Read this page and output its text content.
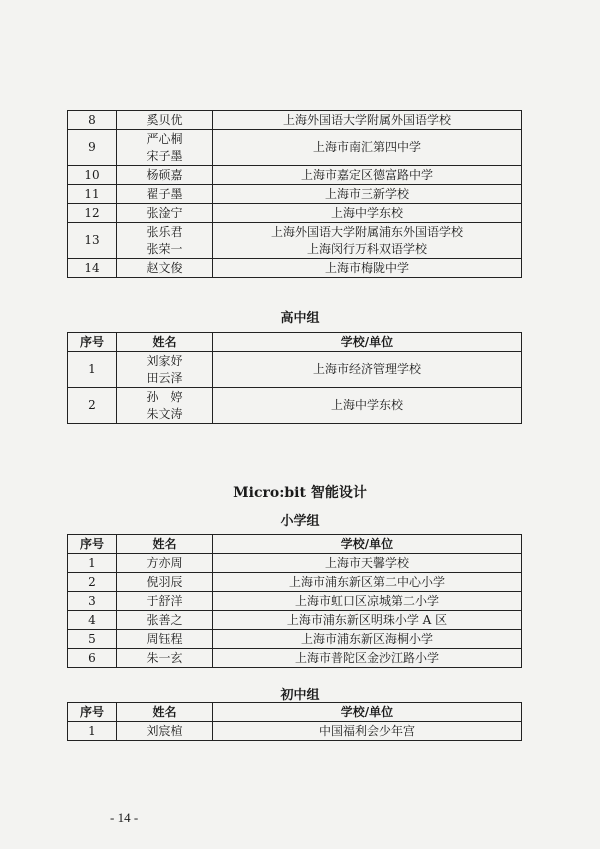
8	奚贝优	上海外国语大学附属外国语学校

9	严心桐
宋子墨	上海市南汇第四中学

10	杨硕嘉	上海市嘉定区德富路中学

11	翟子墨	上海市三新学校

12	张淦宁	上海中学东校

13	张乐君
张荣一	上海外国语大学附属浦东外国语学校
上海闵行万科双语学校

14	赵文俊	上海市梅陇中学
高中组
序号	姓名	学校/单位
1	刘家妤
田云泽	上海市经济管理学校

2	孙　婷
朱文涛	上海中学东校
Micro:bit 智能设计
小学组
序号	姓名	学校/单位
1	方亦周	上海市天馨学校
2	倪羽辰	上海市浦东新区第二中心小学
3	于舒洋	上海市虹口区凉城第二小学
4	张善之	上海市浦东新区明珠小学 A 区
5	周钰程	上海市浦东新区海桐小学
6	朱一玄	上海市普陀区金沙江路小学
初中组
序号	姓名	学校/单位
1	刘宸楦	中国福利会少年宫
- 14 -
